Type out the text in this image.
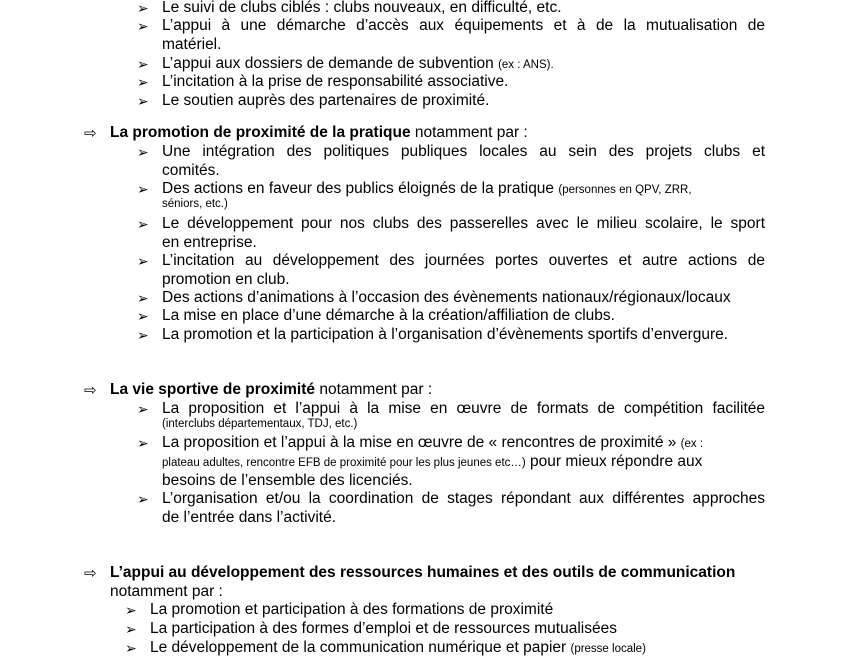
➢ Le suivi de clubs ciblés : clubs nouveaux, en difficulté, etc.
➢ L’appui à une démarche d’accès aux équipements et à de la mutualisation de
matériel.
➢ L’appui aux dossiers de demande de subvention (ex : ANS).
➢ L’incitation à la prise de responsabilité associative.
➢ Le soutien auprès des partenaires de proximité.
⇨ La promotion de proximité de la pratique notamment par :
➢ Une intégration des politiques publiques locales au sein des projets clubs et
comités.
➢ Des actions en faveur des publics éloignés de la pratique (personnes en QPV, ZRR,
séniors, etc.)
➢ Le développement pour nos clubs des passerelles avec le milieu scolaire, le sport
en entreprise.
➢ L’incitation au développement des journées portes ouvertes et autre actions de
promotion en club.
➢ Des actions d’animations à l’occasion des évènements nationaux/régionaux/locaux
➢ La mise en place d’une démarche à la création/affiliation de clubs.
➢ La promotion et la participation à l’organisation d’évènements sportifs d’envergure.
⇨ La vie sportive de proximité notamment par :
➢ La proposition et l’appui à la mise en œuvre de formats de compétition facilitée
(interclubs départementaux, TDJ, etc.)
➢ La proposition et l’appui à la mise en œuvre de « rencontres de proximité » (ex :
plateau adultes, rencontre EFB de proximité pour les plus jeunes etc…) pour mieux répondre aux
besoins de l’ensemble des licenciés.
➢ L’organisation et/ou la coordination de stages répondant aux différentes approches
de l’entrée dans l’activité.
⇨ L’appui au développement des ressources humaines et des outils de communication
notamment par :
➢ La promotion et participation à des formations de proximité
➢ La participation à des formes d’emploi et de ressources mutualisées
➢ Le développement de la communication numérique et papier (presse locale)
